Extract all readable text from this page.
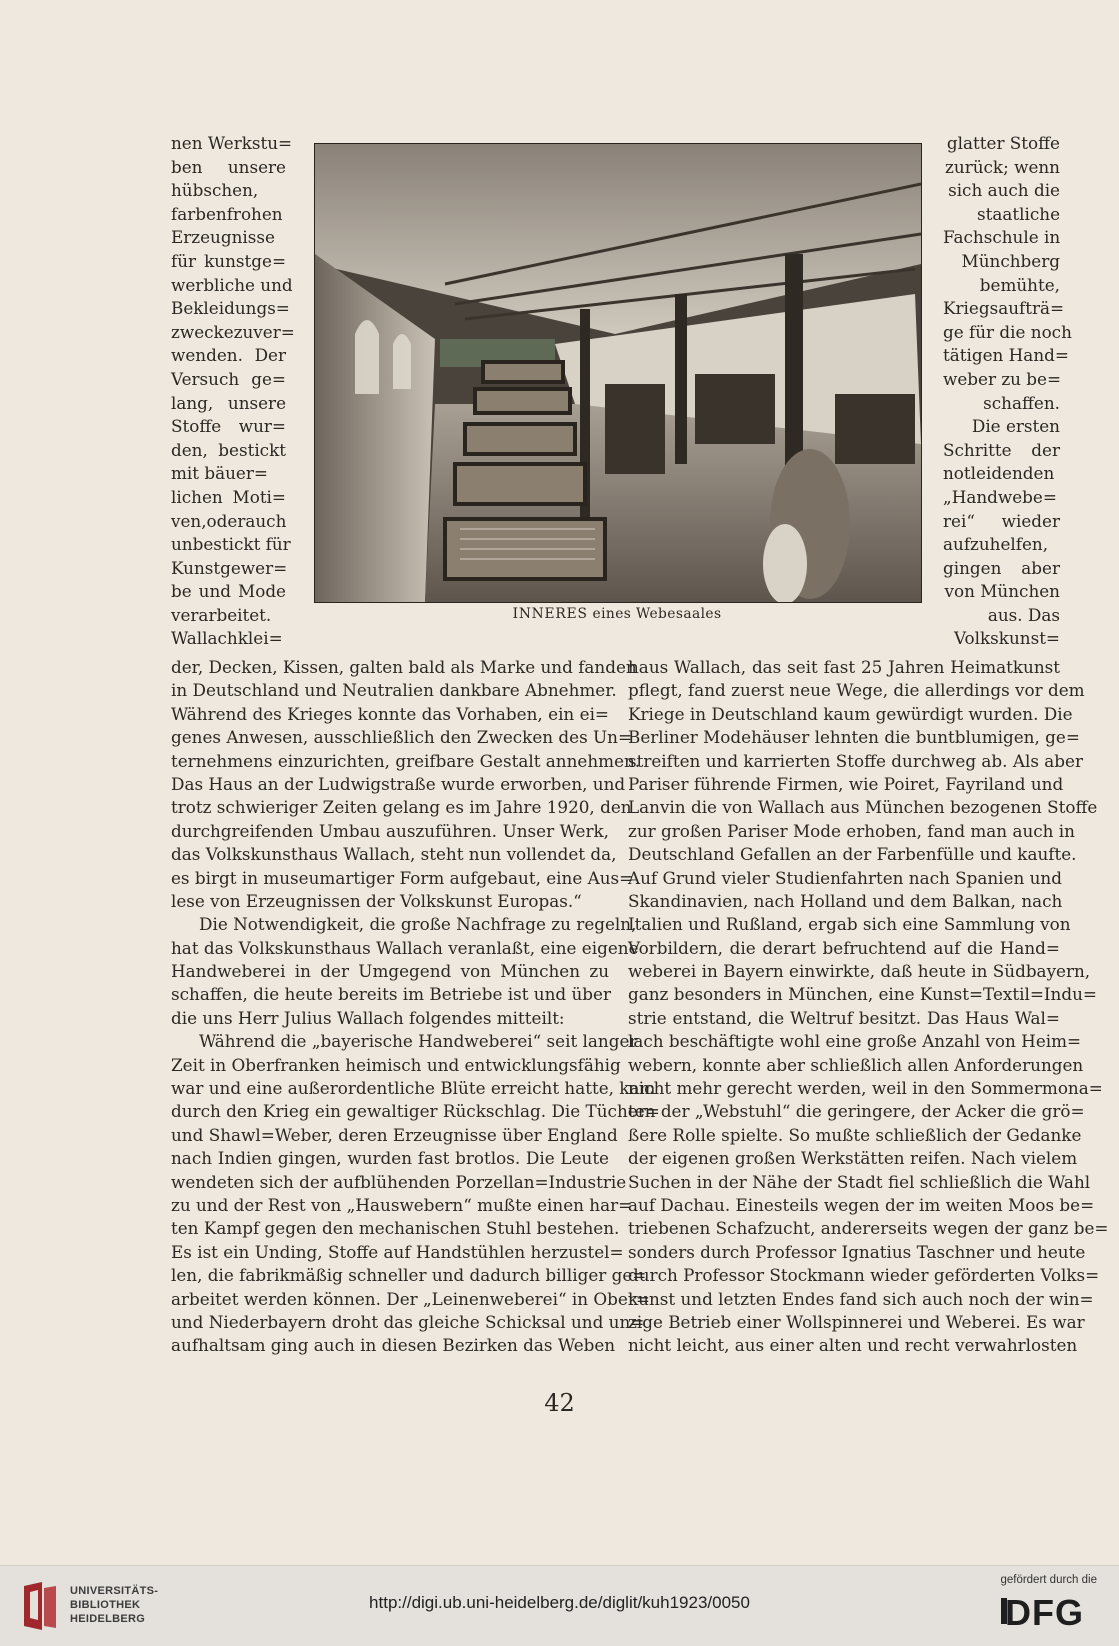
nen Werkstu=
ben unsere
hübschen,
farbenfrohen
Erzeugnisse
für kunstge=
werbliche und
Bekleidungs=
zweckezuver=
wenden. Der
Versuch ge=
lang, unsere
Stoffe wur=
den, bestickt
mit bäuer=
lichen Moti=
ven,oderauch
unbestickt für
Kunstgewer=
be und Mode
verarbeitet.
Wallachklei=
INNERES eines Webesaales
glatter Stoffe
zurück; wenn
sich auch die
staatliche
Fachschule in
Münchberg
bemühte,
Kriegsaufträ=
ge für die noch
tätigen Hand=
weber zu be=
schaffen.
Die ersten
Schritte der
notleidenden
„Handwebe=
rei“ wieder
aufzuhelfen,
gingen aber
von München
aus. Das
Volkskunst=
der, Decken, Kissen, galten bald als Marke und fanden
in Deutschland und Neutralien dankbare Abnehmer.
Während des Krieges konnte das Vorhaben, ein ei=
genes Anwesen, ausschließlich den Zwecken des Un=
ternehmens einzurichten, greifbare Gestalt annehmen.
Das Haus an der Ludwigstraße wurde erworben, und
trotz schwieriger Zeiten gelang es im Jahre 1920, den
durchgreifenden Umbau auszuführen. Unser Werk,
das Volkskunsthaus Wallach, steht nun vollendet da,
es birgt in museumartiger Form aufgebaut, eine Aus=
lese von Erzeugnissen der Volkskunst Europas.“
Die Notwendigkeit, die große Nachfrage zu regeln,
hat das Volkskunsthaus Wallach veranlaßt, eine eigene
Handweberei in der Umgegend von München zu
schaffen, die heute bereits im Betriebe ist und über
die uns Herr Julius Wallach folgendes mitteilt:
Während die „bayerische Handweberei“ seit langer
Zeit in Oberfranken heimisch und entwicklungsfähig
war und eine außerordentliche Blüte erreicht hatte, kam
durch den Krieg ein gewaltiger Rückschlag. Die Tücher=
und Shawl=Weber, deren Erzeugnisse über England
nach Indien gingen, wurden fast brotlos. Die Leute
wendeten sich der aufblühenden Porzellan=Industrie
zu und der Rest von „Hauswebern“ mußte einen har=
ten Kampf gegen den mechanischen Stuhl bestehen.
Es ist ein Unding, Stoffe auf Handstühlen herzustel=
len, die fabrikmäßig schneller und dadurch billiger ge=
arbeitet werden können. Der „Leinenweberei“ in Ober=
und Niederbayern droht das gleiche Schicksal und un=
aufhaltsam ging auch in diesen Bezirken das Weben
haus Wallach, das seit fast 25 Jahren Heimatkunst
pflegt, fand zuerst neue Wege, die allerdings vor dem
Kriege in Deutschland kaum gewürdigt wurden. Die
Berliner Modehäuser lehnten die buntblumigen, ge=
streiften und karrierten Stoffe durchweg ab. Als aber
Pariser führende Firmen, wie Poiret, Fayriland und
Lanvin die von Wallach aus München bezogenen Stoffe
zur großen Pariser Mode erhoben, fand man auch in
Deutschland Gefallen an der Farbenfülle und kaufte.
Auf Grund vieler Studienfahrten nach Spanien und
Skandinavien, nach Holland und dem Balkan, nach
Italien und Rußland, ergab sich eine Sammlung von
Vorbildern, die derart befruchtend auf die Hand=
weberei in Bayern einwirkte, daß heute in Südbayern,
ganz besonders in München, eine Kunst=Textil=Indu=
strie entstand, die Weltruf besitzt. Das Haus Wal=
lach beschäftigte wohl eine große Anzahl von Heim=
webern, konnte aber schließlich allen Anforderungen
nicht mehr gerecht werden, weil in den Sommermona=
ten der „Webstuhl“ die geringere, der Acker die grö=
ßere Rolle spielte. So mußte schließlich der Gedanke
der eigenen großen Werkstätten reifen. Nach vielem
Suchen in der Nähe der Stadt fiel schließlich die Wahl
auf Dachau. Einesteils wegen der im weiten Moos be=
triebenen Schafzucht, andererseits wegen der ganz be=
sonders durch Professor Ignatius Taschner und heute
durch Professor Stockmann wieder geförderten Volks=
kunst und letzten Endes fand sich auch noch der win=
zige Betrieb einer Wollspinnerei und Weberei. Es war
nicht leicht, aus einer alten und recht verwahrlosten
42
UNIVERSITÄTS-
BIBLIOTHEK
HEIDELBERG
http://digi.ub.uni-heidelberg.de/diglit/kuh1923/0050
gefördert durch die
DFG
